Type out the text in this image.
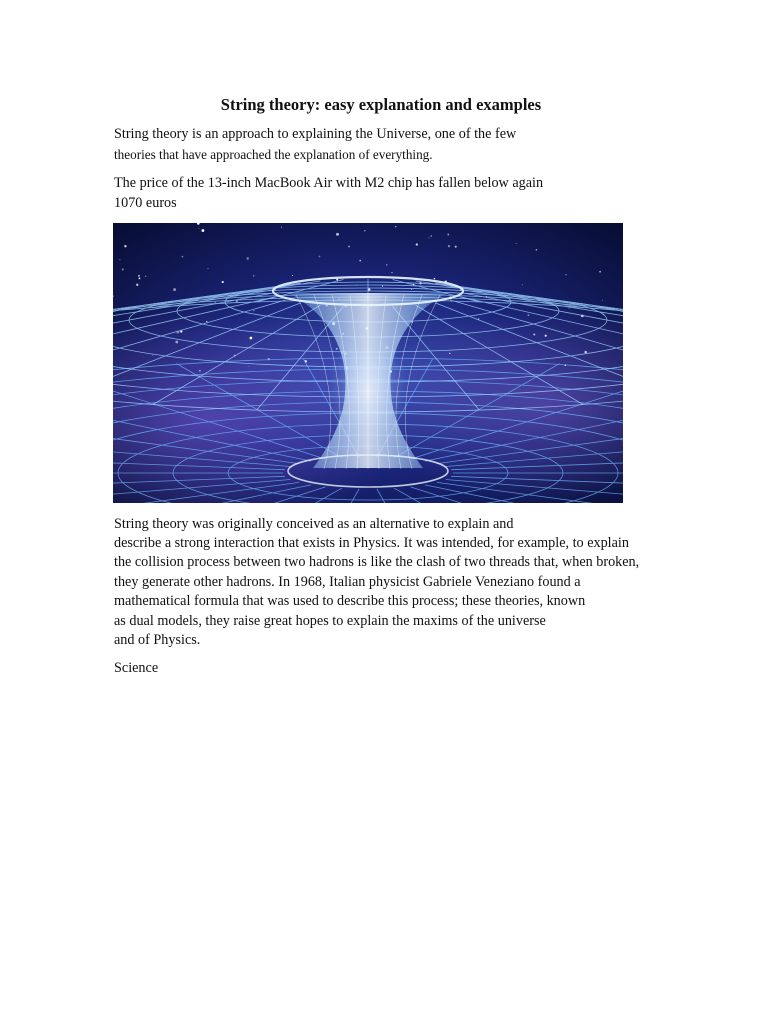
String theory: easy explanation and examples

String theory is an approach to explaining the Universe, one of the few

theories that have approached the explanation of everything.

The price of the 13-inch MacBook Air with M2 chip has fallen below again

1070 euros

String theory was originally conceived as an alternative to explain and

describe a strong interaction that exists in Physics. It was intended, for example, to explain

the collision process between two hadrons is like the clash of two threads that, when broken,

they generate other hadrons. In 1968, Italian physicist Gabriele Veneziano found a

mathematical formula that was used to describe this process; these theories, known

as dual models, they raise great hopes to explain the maxims of the universe

and of Physics.

Science
